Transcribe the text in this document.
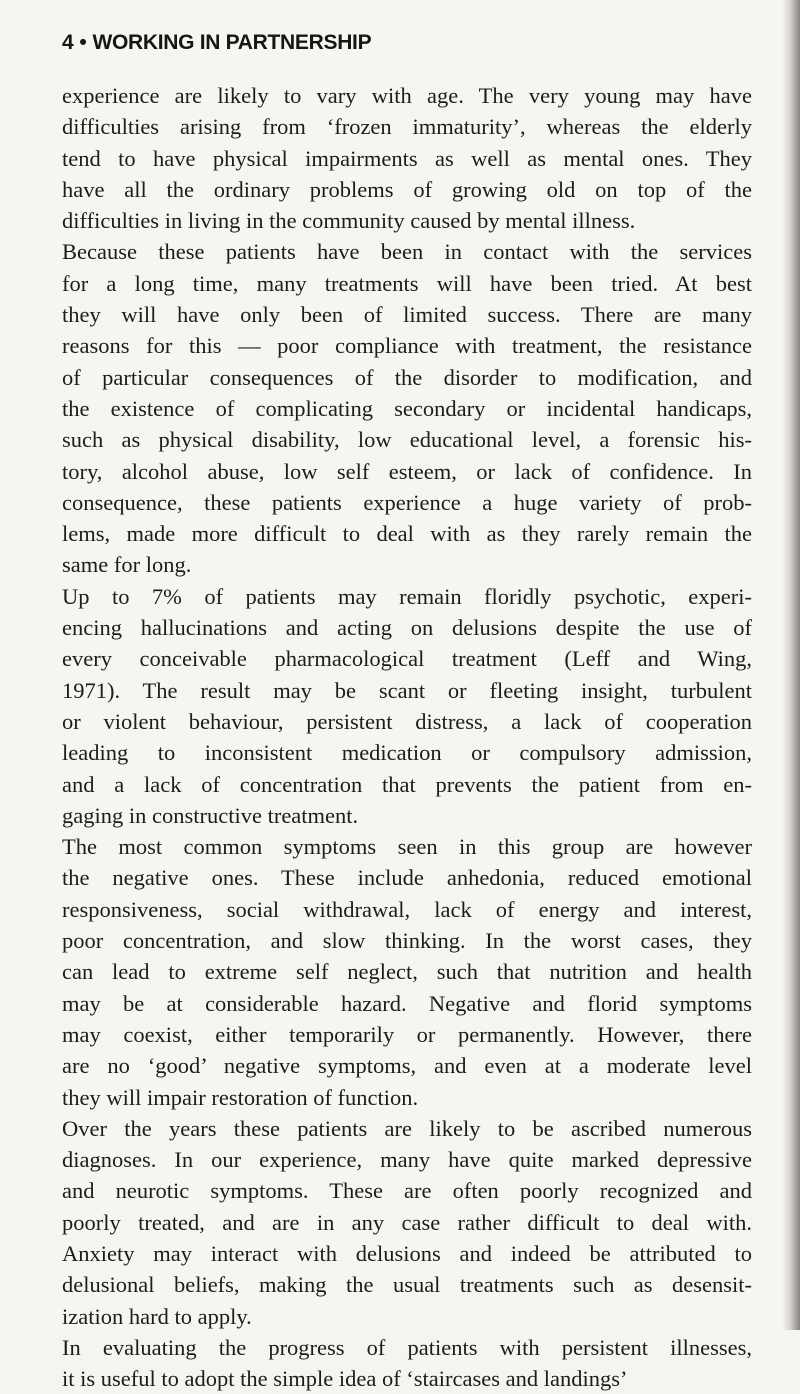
4 • WORKING IN PARTNERSHIP
experience are likely to vary with age. The very young may have
difficulties arising from ‘frozen immaturity’, whereas the elderly
tend to have physical impairments as well as mental ones. They
have all the ordinary problems of growing old on top of the
difficulties in living in the community caused by mental illness.
Because these patients have been in contact with the services
for a long time, many treatments will have been tried. At best
they will have only been of limited success. There are many
reasons for this — poor compliance with treatment, the resistance
of particular consequences of the disorder to modification, and
the existence of complicating secondary or incidental handicaps,
such as physical disability, low educational level, a forensic his-
tory, alcohol abuse, low self esteem, or lack of confidence. In
consequence, these patients experience a huge variety of prob-
lems, made more difficult to deal with as they rarely remain the
same for long.
Up to 7% of patients may remain floridly psychotic, experi-
encing hallucinations and acting on delusions despite the use of
every conceivable pharmacological treatment (Leff and Wing,
1971). The result may be scant or fleeting insight, turbulent
or violent behaviour, persistent distress, a lack of cooperation
leading to inconsistent medication or compulsory admission,
and a lack of concentration that prevents the patient from en-
gaging in constructive treatment.
The most common symptoms seen in this group are however
the negative ones. These include anhedonia, reduced emotional
responsiveness, social withdrawal, lack of energy and interest,
poor concentration, and slow thinking. In the worst cases, they
can lead to extreme self neglect, such that nutrition and health
may be at considerable hazard. Negative and florid symptoms
may coexist, either temporarily or permanently. However, there
are no ‘good’ negative symptoms, and even at a moderate level
they will impair restoration of function.
Over the years these patients are likely to be ascribed numerous
diagnoses. In our experience, many have quite marked depressive
and neurotic symptoms. These are often poorly recognized and
poorly treated, and are in any case rather difficult to deal with.
Anxiety may interact with delusions and indeed be attributed to
delusional beliefs, making the usual treatments such as desensit-
ization hard to apply.
In evaluating the progress of patients with persistent illnesses,
it is useful to adopt the simple idea of ‘staircases and landings’
